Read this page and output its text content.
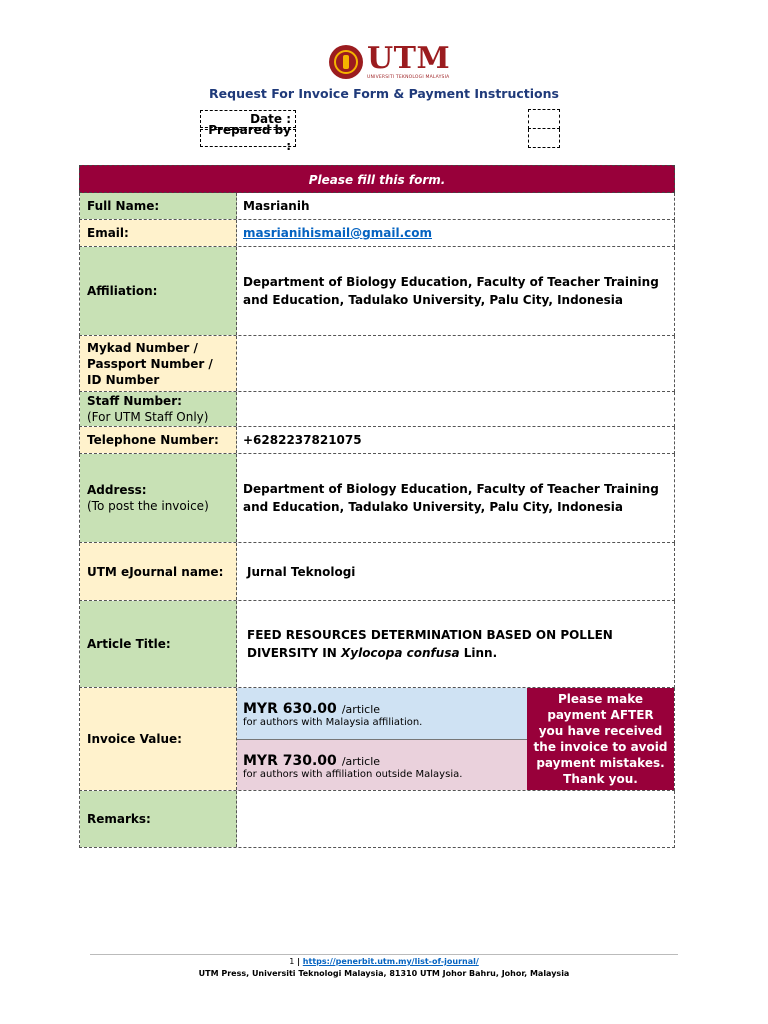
UTM
UNIVERSITI TEKNOLOGI MALAYSIA
Request For Invoice Form & Payment Instructions
Date :

Prepared by :
Please fill this form.
Full Name:	Masrianih
Email:	masrianihismail@gmail.com
Affiliation:
Department of Biology Education, Faculty of Teacher Training and Education, Tadulako University, Palu City, Indonesia
Mykad Number /
Passport Number /
ID Number
Staff Number:
(For UTM Staff Only)
Telephone Number:	+6282237821075
Address:
(To post the invoice)
Department of Biology Education, Faculty of Teacher Training and Education, Tadulako University, Palu City, Indonesia
UTM eJournal name:	Jurnal Teknologi
Article Title:
FEED RESOURCES DETERMINATION BASED ON POLLEN DIVERSITY IN Xylocopa confusa Linn.
Invoice Value:
MYR 630.00 /article
for authors with Malaysia affiliation.
MYR 730.00 /article
for authors with affiliation outside Malaysia.
Please make payment AFTER you have received the invoice to avoid payment mistakes. Thank you.
Remarks:
1 | https://penerbit.utm.my/list-of-journal/
UTM Press, Universiti Teknologi Malaysia, 81310 UTM Johor Bahru, Johor, Malaysia
